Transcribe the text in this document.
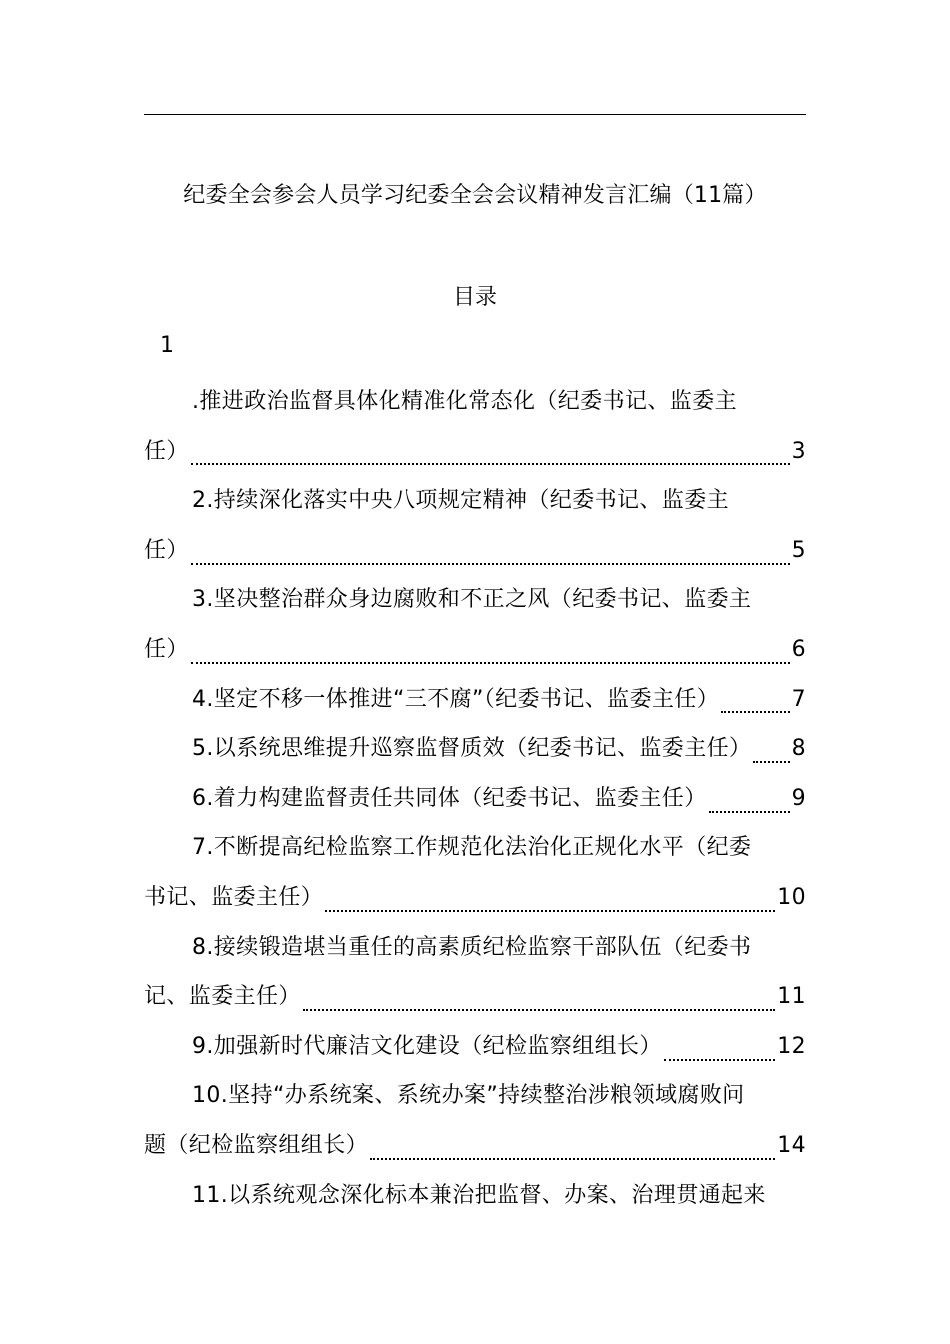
纪委全会参会人员学习纪委全会会议精神发言汇编（11篇）
目录
1
.推进政治监督具体化精准化常态化（纪委书记、监委主
任）	3
2.持续深化落实中央八项规定精神（纪委书记、监委主
任）	5
3.坚决整治群众身边腐败和不正之风（纪委书记、监委主
任）	6
4.坚定不移一体推进“三不腐”（纪委书记、监委主任）	7
5.以系统思维提升巡察监督质效（纪委书记、监委主任） 8
6.着力构建监督责任共同体（纪委书记、监委主任）	9
7.不断提高纪检监察工作规范化法治化正规化水平（纪委
书记、监委主任）	10
8.接续锻造堪当重任的高素质纪检监察干部队伍（纪委书
记、监委主任）	11
9.加强新时代廉洁文化建设（纪检监察组组长）	12
10.坚持“办系统案、系统办案”持续整治涉粮领域腐败问
题（纪检监察组组长）	14
11.以系统观念深化标本兼治把监督、办案、治理贯通起来
